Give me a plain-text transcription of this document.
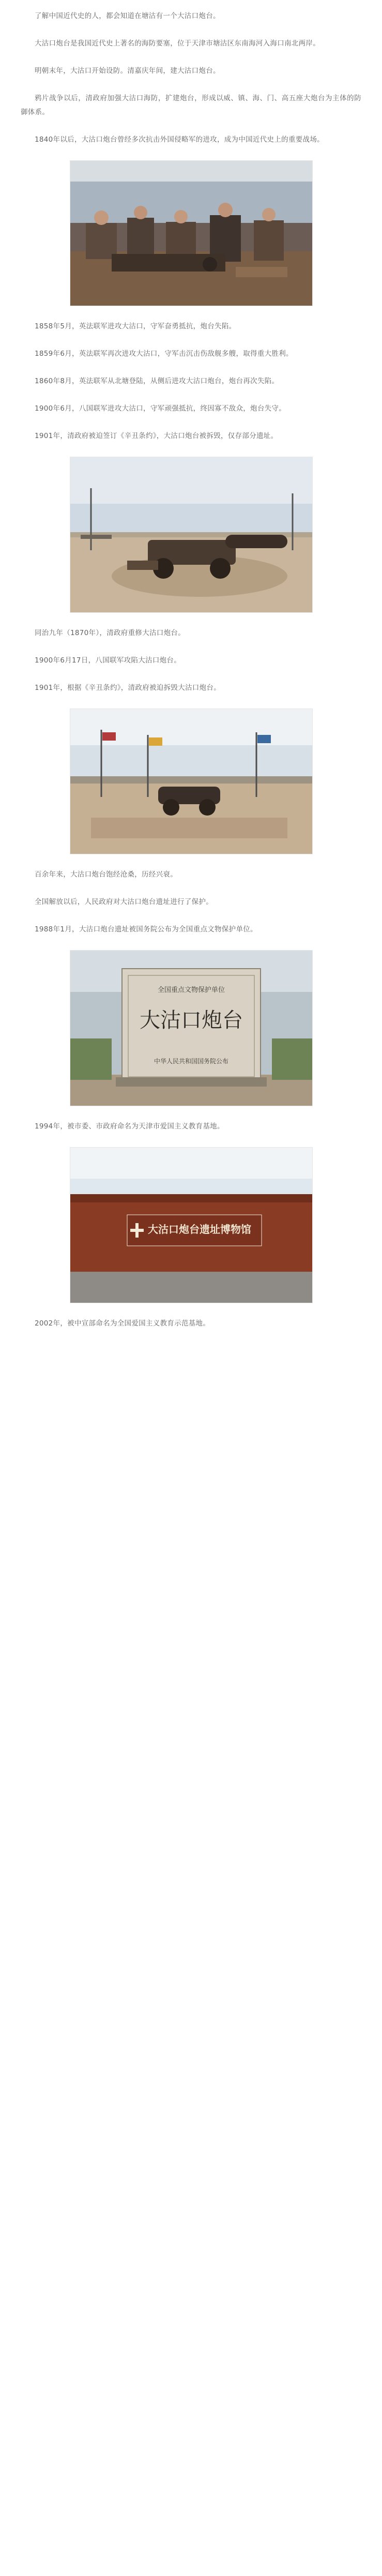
了解中国近代史的人，都会知道在塘沽有一个大沽口炮台。

大沽口炮台是我国近代史上著名的海防要塞，位于天津市塘沽区东南海河入海口南北两岸。

明朝末年，大沽口开始设防。清嘉庆年间，建大沽口炮台。

鸦片战争以后，清政府加强大沽口海防，扩建炮台，形成以威、镇、海、门、高五座大炮台为主体的防御体系。

1840年以后，大沽口炮台曾经多次抗击外国侵略军的进攻，成为中国近代史上的重要战场。

1858年5月，英法联军进攻大沽口，守军奋勇抵抗，炮台失陷。

1859年6月，英法联军再次进攻大沽口，守军击沉击伤敌舰多艘，取得重大胜利。

1860年8月，英法联军从北塘登陆，从侧后进攻大沽口炮台，炮台再次失陷。

1900年6月，八国联军进攻大沽口，守军顽强抵抗，终因寡不敌众，炮台失守。

1901年，清政府被迫签订《辛丑条约》，大沽口炮台被拆毁，仅存部分遗址。

同治九年（1870年），清政府重修大沽口炮台。

1900年6月17日，八国联军攻陷大沽口炮台。

1901年，根据《辛丑条约》，清政府被迫拆毁大沽口炮台。

百余年来，大沽口炮台饱经沧桑，历经兴衰。

全国解放以后，人民政府对大沽口炮台遗址进行了保护。

1988年1月，大沽口炮台遗址被国务院公布为全国重点文物保护单位。

全国重点文物保护单位
大沽口炮台
中华人民共和国国务院公布

1994年，被市委、市政府命名为天津市爱国主义教育基地。

大沽口炮台遗址博物馆

2002年，被中宣部命名为全国爱国主义教育示范基地。
